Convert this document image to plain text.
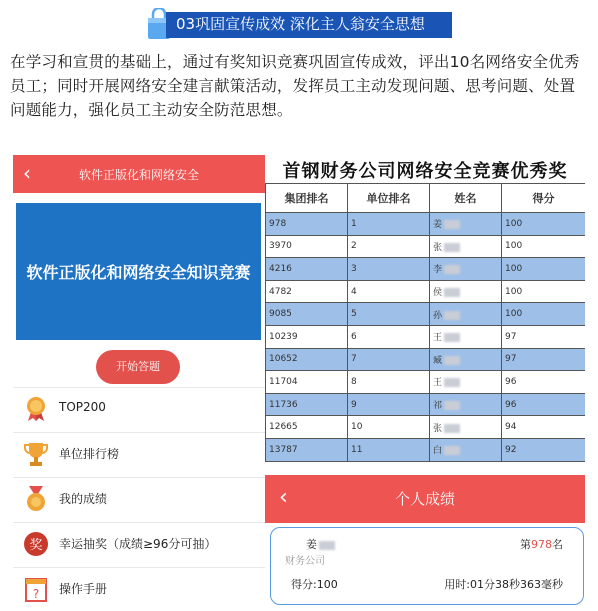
03巩固宣传成效 深化主人翁安全思想
在学习和宣贯的基础上，通过有奖知识竞赛巩固宣传成效，评出10名网络安全优秀员工；同时开展网络安全建言献策活动，发挥员工主动发现问题、思考问题、处置问题能力，强化员工主动安全防范思想。
‹	软件正版化和网络安全
软件正版化和网络安全知识竞赛
开始答题
TOP200
单位排行榜
我的成绩
奖 幸运抽奖（成绩≥96分可抽）
? 操作手册
首钢财务公司网络安全竞赛优秀奖
集团排名	单位排名	姓名	得分
978	1	姜	100
3970	2	张	100
4216	3	李	100
4782	4	侯	100
9085	5	孙	100
10239	6	王	97
10652	7	臧	97
11704	8	王	96
11736	9	祁	96
12665	10	张	94
13787	11	白	92
‹	个人成绩
姜	第978名
财务公司
得分:100	用时:01分38秒363毫秒
